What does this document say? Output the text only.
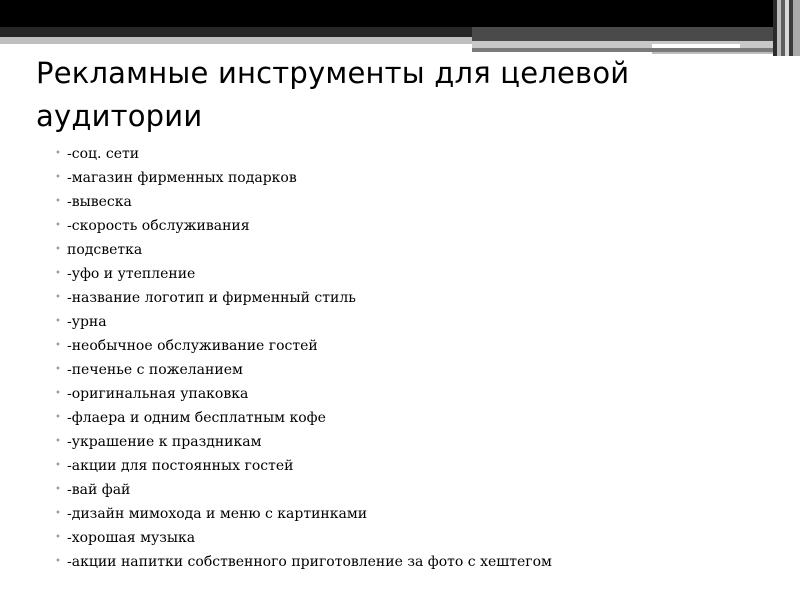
Рекламные инструменты для целевой аудитории
• -соц. сети
• -магазин фирменных подарков
• -вывеска
• -скорость обслуживания
• подсветка
• -уфо и утепление
• -название логотип и фирменный стиль
• -урна
• -необычное обслуживание гостей
• -печенье с пожеланием
• -оригинальная упаковка
• -флаера и одним бесплатным кофе
• -украшение к праздникам
• -акции для постоянных гостей
• -вай фай
• -дизайн мимохода и меню с картинками
• -хорошая музыка
• -акции напитки собственного приготовление за фото с хештегом
